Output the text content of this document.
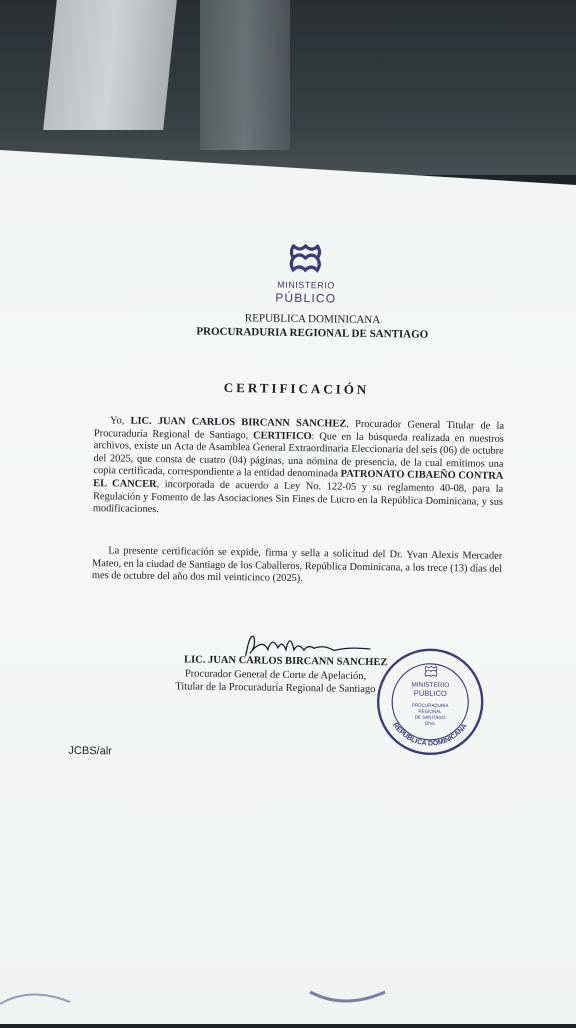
MINISTERIO
PÚBLICO
REPUBLICA DOMINICANA
PROCURADURIA REGIONAL DE SANTIAGO
CERTIFICACIÓN
Yo, LIC. JUAN CARLOS BIRCANN SANCHEZ, Procurador General Titular de la Procuraduría Regional de Santiago, CERTIFICO: Que en la búsqueda realizada en nuestros archivos, existe un Acta de Asamblea General Extraordinaria Eleccionaria del seis (06) de octubre del 2025, que consta de cuatro (04) páginas, una nómina de presencia, de la cual emitimos una copia certificada, correspondiente a la entidad denominada PATRONATO CIBAEÑO CONTRA EL CANCER, incorporada de acuerdo a Ley No. 122-05 y su reglamento 40-08, para la Regulación y Fomento de las Asociaciones Sin Fines de Lucro en la República Dominicana, y sus modificaciones.
La presente certificación se expide, firma y sella a solicitud del Dr. Yvan Alexis Mercader Mateo, en la ciudad de Santiago de los Caballeros, República Dominicana, a los trece (13) días del mes de octubre del año dos mil veinticinco (2025).
LIC. JUAN CARLOS BIRCANN SANCHEZ
Procurador General de Corte de Apelación,
Titular de la Procuraduría Regional de Santiago	MINISTERIO
PÚBLICO
PROCURADURÍA
REGIONAL
DE SANTIAGO
ONG
REPÚBLICA DOMINICANA
JCBS/alr
